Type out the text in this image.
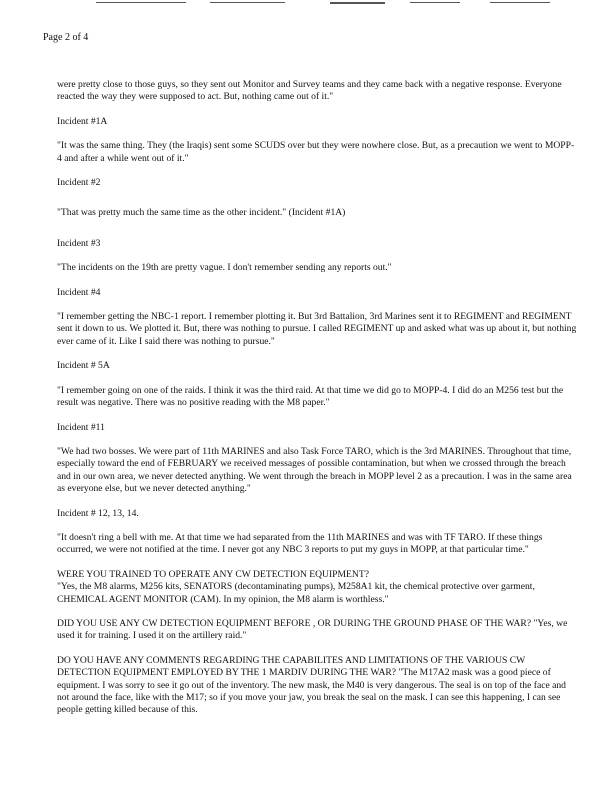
Page 2 of 4

were pretty close to those guys, so they sent out Monitor and Survey teams and they came back with a negative response. Everyone reacted the way they were supposed to act. But, nothing came out of it."

Incident #1A

"It was the same thing. They (the Iraqis) sent some SCUDS over but they were nowhere close. But, as a precaution we went to MOPP-4 and after a while went out of it."

Incident #2

"That was pretty much the same time as the other incident." (Incident #1A)

Incident #3

"The incidents on the 19th are pretty vague. I don't remember sending any reports out."

Incident #4

"I remember getting the NBC-1 report. I remember plotting it. But 3rd Battalion, 3rd Marines sent it to REGIMENT and REGIMENT sent it down to us. We plotted it. But, there was nothing to pursue. I called REGIMENT up and asked what was up about it, but nothing ever came of it. Like I said there was nothing to pursue."

Incident # 5A

"I remember going on one of the raids. I think it was the third raid. At that time we did go to MOPP-4. I did do an M256 test but the result was negative. There was no positive reading with the M8 paper."

Incident #11

"We had two bosses. We were part of 11th MARINES and also Task Force TARO, which is the 3rd MARINES. Throughout that time, especially toward the end of FEBRUARY we received messages of possible contamination, but when we crossed through the breach and in our own area, we never detected anything. We went through the breach in MOPP level 2 as a precaution. I was in the same area as everyone else, but we never detected anything."

Incident # 12, 13, 14.

"It doesn't ring a bell with me. At that time we had separated from the 11th MARINES and was with TF TARO. If these things occurred, we were not notified at the time. I never got any NBC 3 reports to put my guys in MOPP, at that particular time."

WERE YOU TRAINED TO OPERATE ANY CW DETECTION EQUIPMENT?

"Yes, the M8 alarms, M256 kits, SENATORS (decontaminating pumps), M258A1 kit, the chemical protective over garment, CHEMICAL AGENT MONITOR (CAM). In my opinion, the M8 alarm is worthless."

DID YOU USE ANY CW DETECTION EQUIPMENT BEFORE , OR DURING THE GROUND PHASE OF THE WAR? "Yes, we used it for training. I used it on the artillery raid."

DO YOU HAVE ANY COMMENTS REGARDING THE CAPABILITES AND LIMITATIONS OF THE VARIOUS CW DETECTION EQUIPMENT EMPLOYED BY THE 1 MARDIV DURING THE WAR? "The M17A2 mask was a good piece of equipment. I was sorry to see it go out of the inventory. The new mask, the M40 is very dangerous. The seal is on top of the face and not around the face, like with the M17; so if you move your jaw, you break the seal on the mask. I can see this happening, I can see people getting killed because of this.
